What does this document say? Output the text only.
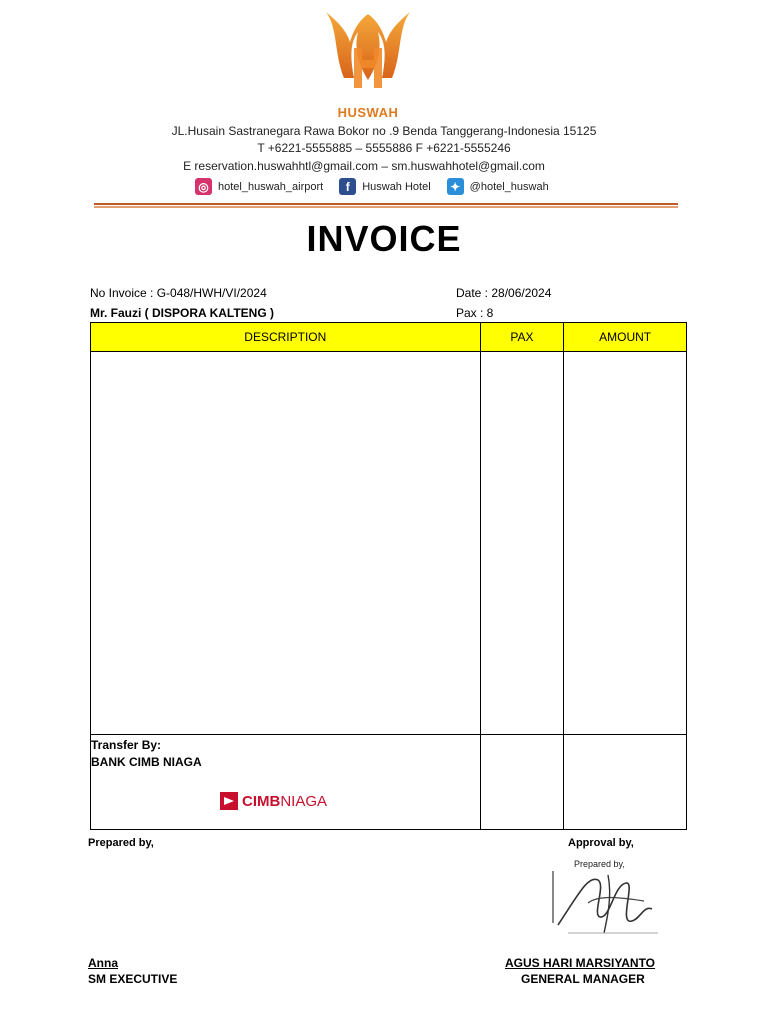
HUSWAH
JL.Husain Sastranegara Rawa Bokor no .9 Benda Tanggerang-Indonesia 15125
T +6221-5555885 – 5555886 F +6221-5555246
E reservation.huswahhtl@gmail.com – sm.huswahhotel@gmail.com
◎ hotel_huswah_airport	f	Huswah Hotel ✦ @hotel_huswah
INVOICE
No Invoice : G-048/HWH/VI/2024	Date : 28/06/2024
Mr. Fauzi ( DISPORA KALTENG )	Pax : 8
DESCRIPTION	PAX	AMOUNT

Transfer By:
BANK CIMB NIAGA		

CIMB NIAGA
Prepared by,	Approval by,
Prepared by,
Anna
SM EXECUTIVE
AGUS HARI MARSIYANTO
GENERAL MANAGER
